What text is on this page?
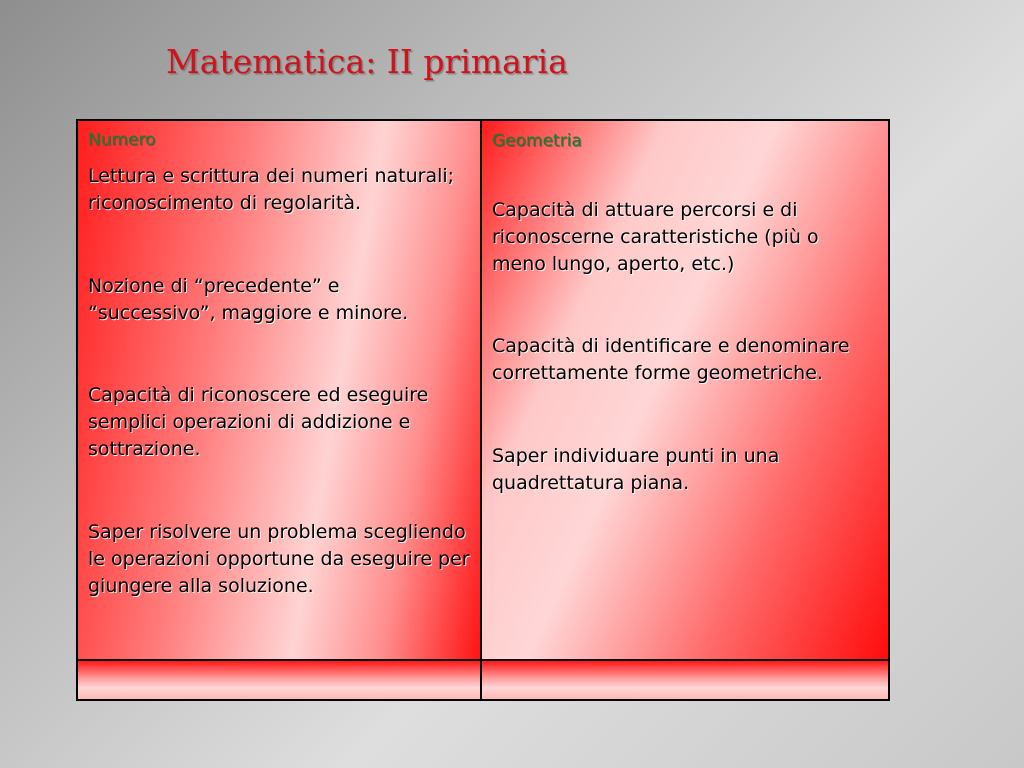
Matematica: II primaria

Numero

Lettura e scrittura dei numeri naturali; riconoscimento di regolarità.

Nozione di “precedente” e “successivo”, maggiore e minore.

Capacità di riconoscere ed eseguire semplici operazioni di addizione e sottrazione.

Saper risolvere un problema scegliendo le operazioni opportune da eseguire per giungere alla soluzione.

Geometria

Capacità di attuare percorsi e di riconoscerne caratteristiche (più o meno lungo, aperto, etc.)

Capacità di identificare e denominare correttamente forme geometriche.

Saper individuare punti in una quadrettatura piana.
